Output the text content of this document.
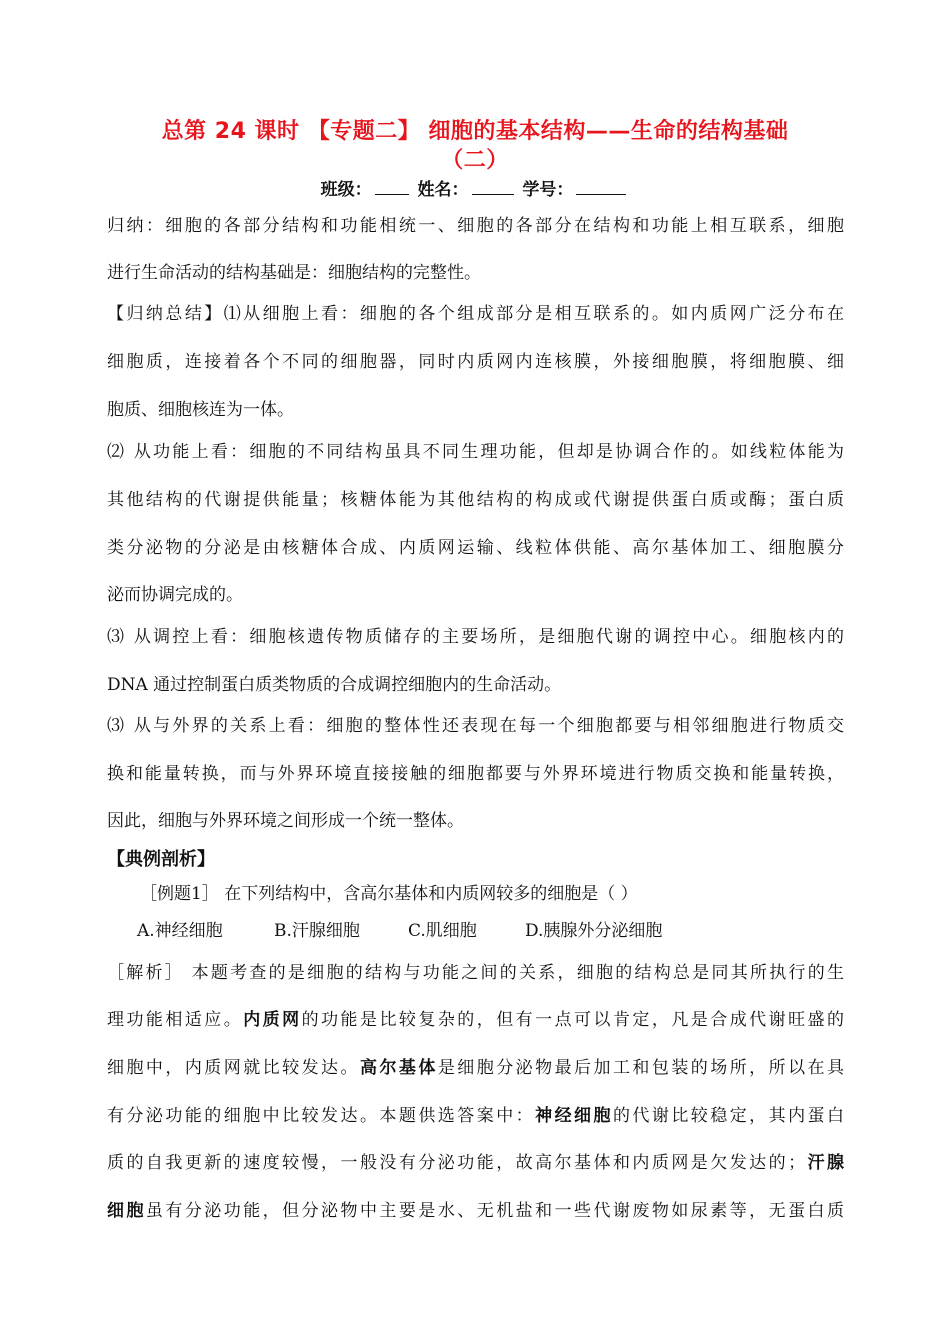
总第 24 课时 【专题二】 细胞的基本结构——生命的结构基础
（二）
班级：	姓名：	学号：
归纳：细胞的各部分结构和功能相统一、细胞的各部分在结构和功能上相互联系，细胞
进行生命活动的结构基础是：细胞结构的完整性。
【归纳总结】⑴从细胞上看：细胞的各个组成部分是相互联系的。如内质网广泛分布在
细胞质，连接着各个不同的细胞器，同时内质网内连核膜，外接细胞膜，将细胞膜、细
胞质、细胞核连为一体。
⑵ 从功能上看：细胞的不同结构虽具不同生理功能，但却是协调合作的。如线粒体能为
其他结构的代谢提供能量；核糖体能为其他结构的构成或代谢提供蛋白质或酶；蛋白质
类分泌物的分泌是由核糖体合成、内质网运输、线粒体供能、高尔基体加工、细胞膜分
泌而协调完成的。
⑶ 从调控上看：细胞核遗传物质储存的主要场所，是细胞代谢的调控中心。细胞核内的
DNA 通过控制蛋白质类物质的合成调控细胞内的生命活动。
⑶ 从与外界的关系上看：细胞的整体性还表现在每一个细胞都要与相邻细胞进行物质交
换和能量转换，而与外界环境直接接触的细胞都要与外界环境进行物质交换和能量转换，
因此，细胞与外界环境之间形成一个统一整体。
【典例剖析】
［例题1］ 在下列结构中，含高尔基体和内质网较多的细胞是（ ）
A.神经细胞	B.汗腺细胞	C.肌细胞	D.胰腺外分泌细胞
［解析］ 本题考查的是细胞的结构与功能之间的关系，细胞的结构总是同其所执行的生
理功能相适应。内质网的功能是比较复杂的，但有一点可以肯定，凡是合成代谢旺盛的
细胞中，内质网就比较发达。高尔基体是细胞分泌物最后加工和包装的场所，所以在具
有分泌功能的细胞中比较发达。本题供选答案中：神经细胞的代谢比较稳定，其内蛋白
质的自我更新的速度较慢，一般没有分泌功能，故高尔基体和内质网是欠发达的；汗腺
细胞虽有分泌功能，但分泌物中主要是水、无机盐和一些代谢废物如尿素等，无蛋白质
